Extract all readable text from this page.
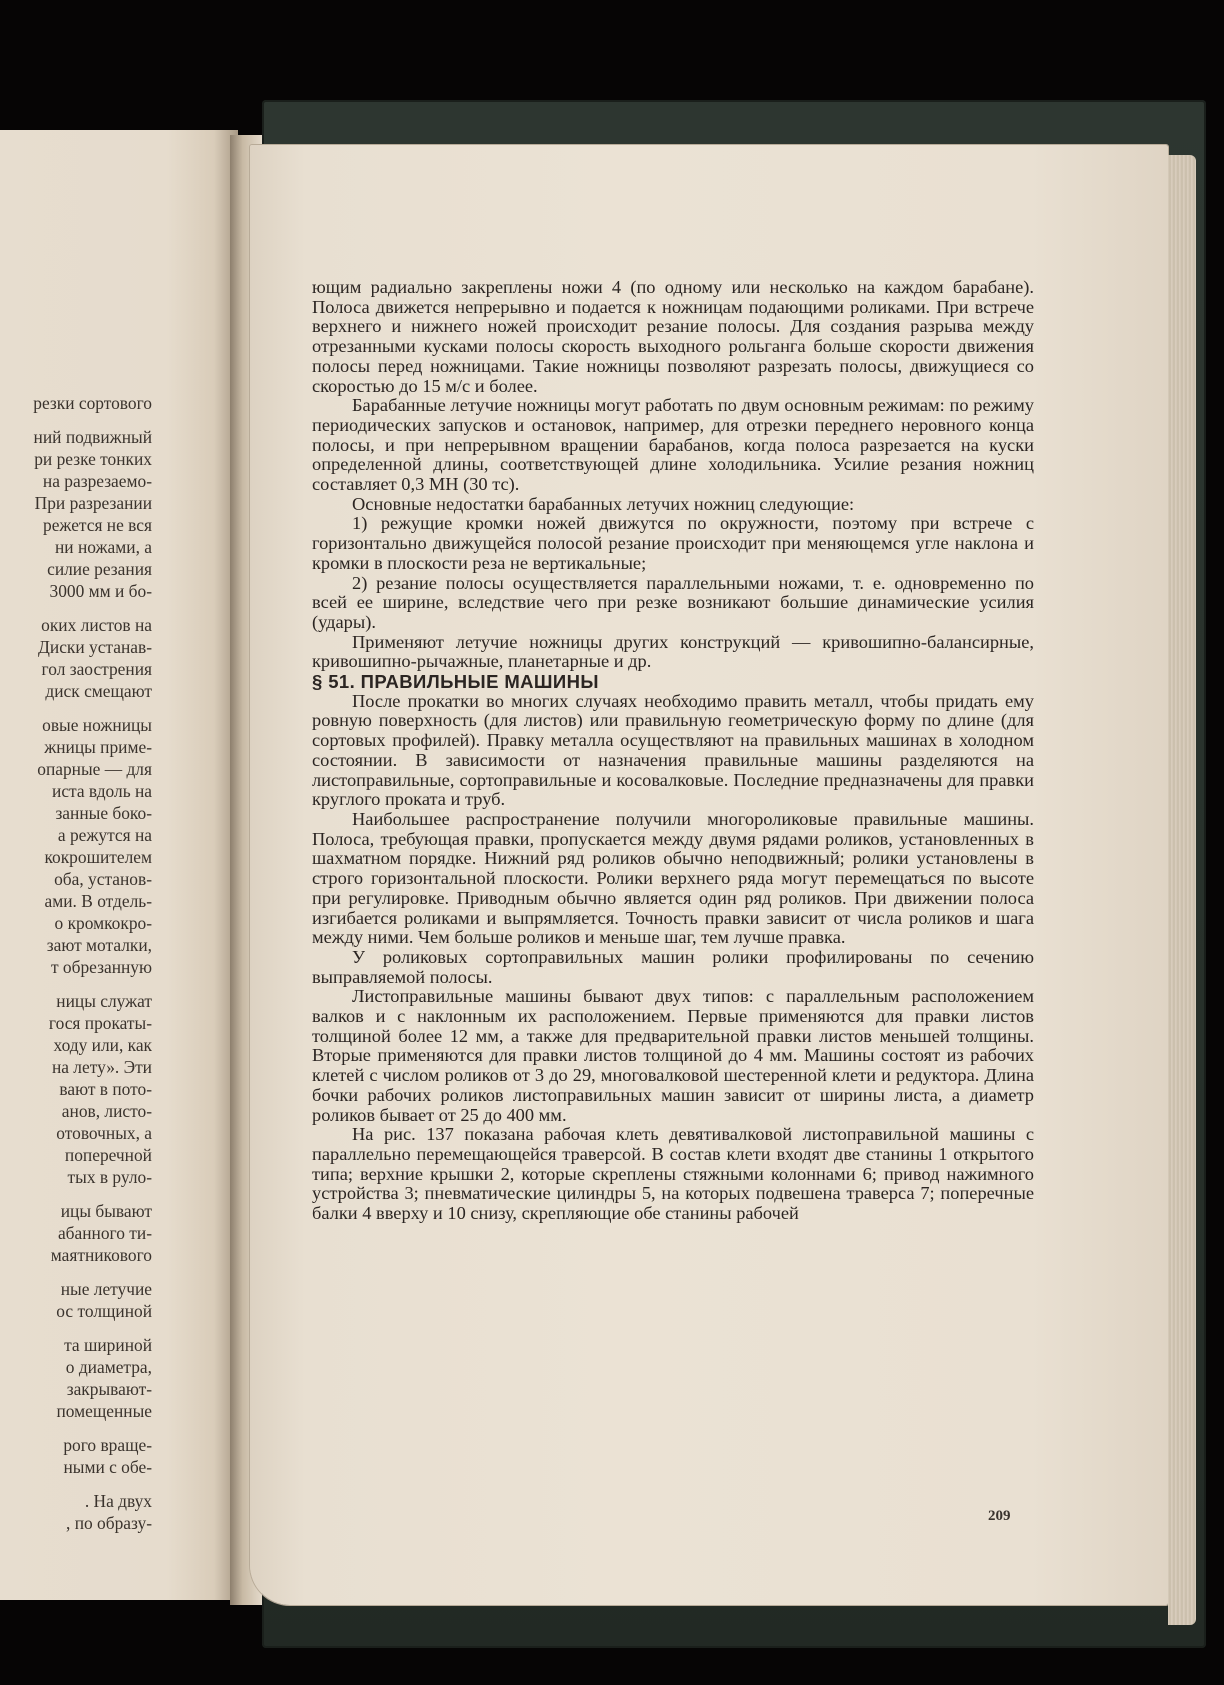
резки сортового
ний подвижный
ри резке тонких
на разрезаемо-
При разрезании
режется не вся
ни ножами, а
силие резания
3000 мм и бо-
оких листов на
Диски устанав-
гол заострения
диск смещают
овые ножницы
жницы приме-
опарные — для
иста вдоль на
занные боко-
а режутся на
кокрошителем
оба, установ-
ами. В отдель-
о кромкокро-
зают моталки,
т обрезанную
ницы служат
гося прокаты-
ходу или, как
на лету». Эти
вают в пото-
анов, листо-
отовочных, а
поперечной
тых в руло-
ицы бывают
абанного ти-
маятникового
ные летучие
ос толщиной
та шириной
о диаметра,
закрывают-
помещенные
рого враще-
ными с обе-
. На двух
, по образу-

ющим радиально закреплены ножи 4 (по одному или несколько на каждом барабане). Полоса движется непрерывно и подается к ножницам подающими роликами. При встрече верхнего и нижнего ножей происходит резание полосы. Для создания разрыва между отрезанными кусками полосы скорость выходного рольганга больше скорости движения полосы перед ножницами. Такие ножницы позволяют разрезать полосы, движущиеся со скоростью до 15 м/с и более.

Барабанные летучие ножницы могут работать по двум основным режимам: по режиму периодических запусков и остановок, например, для отрезки переднего неровного конца полосы, и при непрерывном вращении барабанов, когда полоса разрезается на куски определенной длины, соответствующей длине холодильника. Усилие резания ножниц составляет 0,3 МН (30 тс).

Основные недостатки барабанных летучих ножниц следующие:

1) режущие кромки ножей движутся по окружности, поэтому при встрече с горизонтально движущейся полосой резание происходит при меняющемся угле наклона и кромки в плоскости реза не вертикальные;

2) резание полосы осуществляется параллельными ножами, т. е. одновременно по всей ее ширине, вследствие чего при резке возникают большие динамические усилия (удары).

Применяют летучие ножницы других конструкций — кривошипно-балансирные, кривошипно-рычажные, планетарные и др.

§ 51. ПРАВИЛЬНЫЕ МАШИНЫ

После прокатки во многих случаях необходимо править металл, чтобы придать ему ровную поверхность (для листов) или правильную геометрическую форму по длине (для сортовых профилей). Правку металла осуществляют на правильных машинах в холодном состоянии. В зависимости от назначения правильные машины разделяются на листоправильные, сортоправильные и косовалковые. Последние предназначены для правки круглого проката и труб.

Наибольшее распространение получили многороликовые правильные машины. Полоса, требующая правки, пропускается между двумя рядами роликов, установленных в шахматном порядке. Нижний ряд роликов обычно неподвижный; ролики установлены в строго горизонтальной плоскости. Ролики верхнего ряда могут перемещаться по высоте при регулировке. Приводным обычно является один ряд роликов. При движении полоса изгибается роликами и выпрямляется. Точность правки зависит от числа роликов и шага между ними. Чем больше роликов и меньше шаг, тем лучше правка.

У роликовых сортоправильных машин ролики профилированы по сечению выправляемой полосы.

Листоправильные машины бывают двух типов: с параллельным расположением валков и с наклонным их расположением. Первые применяются для правки листов толщиной более 12 мм, а также для предварительной правки листов меньшей толщины. Вторые применяются для правки листов толщиной до 4 мм. Машины состоят из рабочих клетей с числом роликов от 3 до 29, многовалковой шестеренной клети и редуктора. Длина бочки рабочих роликов листоправильных машин зависит от ширины листа, а диаметр роликов бывает от 25 до 400 мм.

На рис. 137 показана рабочая клеть девятивалковой листоправильной машины с параллельно перемещающейся траверсой. В состав клети входят две станины 1 открытого типа; верхние крышки 2, которые скреплены стяжными колоннами 6; привод нажимного устройства 3; пневматические цилиндры 5, на которых подвешена траверса 7; поперечные балки 4 вверху и 10 снизу, скрепляющие обе станины рабочей

209
